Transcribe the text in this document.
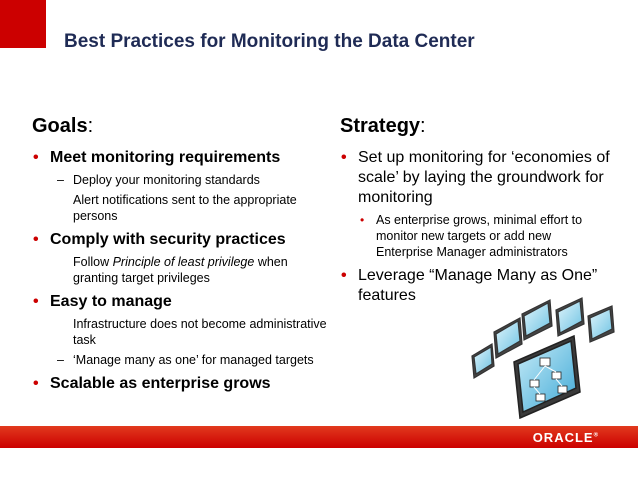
Best Practices for Monitoring the Data Center
Goals:
• Meet monitoring requirements
– Deploy your monitoring standards
Alert notifications sent to the appropriate persons
• Comply with security practices
Follow Principle of least privilege when granting target privileges
• Easy to manage
Infrastructure does not become administrative task
– ‘Manage many as one’ for managed targets
• Scalable as enterprise grows
Strategy:
• Set up monitoring for ‘economies of scale’ by laying the groundwork for monitoring
• As enterprise grows, minimal effort to monitor new targets or add new Enterprise Manager administrators
• Leverage “Manage Many as One” features
ORACLE®
